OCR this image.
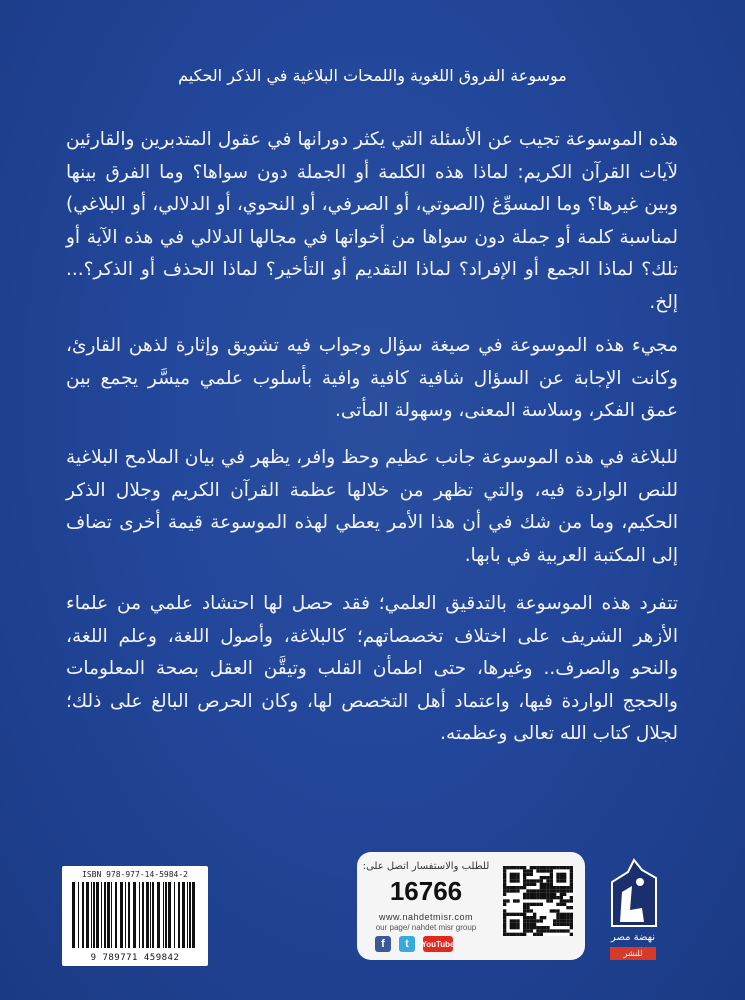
موسوعة الفروق اللغوية واللمحات البلاغية في الذكر الحكيم

هذه الموسوعة تجيب عن الأسئلة التي يكثر دورانها في عقول المتدبرين والقارئين لآيات القرآن الكريم: لماذا هذه الكلمة أو الجملة دون سواها؟ وما الفرق بينها وبين غيرها؟ وما المسوِّغ (الصوتي، أو الصرفي، أو النحوي، أو الدلالي، أو البلاغي) لمناسبة كلمة أو جملة دون سواها من أخواتها في مجالها الدلالي في هذه الآية أو تلك؟ لماذا الجمع أو الإفراد؟ لماذا التقديم أو التأخير؟ لماذا الحذف أو الذكر؟... إلخ.

مجيء هذه الموسوعة في صيغة سؤال وجواب فيه تشويق وإثارة لذهن القارئ، وكانت الإجابة عن السؤال شافية كافية وافية بأسلوب علمي ميسَّر يجمع بين عمق الفكر، وسلاسة المعنى، وسهولة المأتى.

للبلاغة في هذه الموسوعة جانب عظيم وحظ وافر، يظهر في بيان الملامح البلاغية للنص الواردة فيه، والتي تظهر من خلالها عظمة القرآن الكريم وجلال الذكر الحكيم، وما من شك في أن هذا الأمر يعطي لهذه الموسوعة قيمة أخرى تضاف إلى المكتبة العربية في بابها.

تتفرد هذه الموسوعة بالتدقيق العلمي؛ فقد حصل لها احتشاد علمي من علماء الأزهر الشريف على اختلاف تخصصاتهم؛ كالبلاغة، وأصول اللغة، وعلم اللغة، والنحو والصرف.. وغيرها، حتى اطمأن القلب وتيقَّن العقل بصحة المعلومات والحجج الواردة فيها، واعتماد أهل التخصص لها، وكان الحرص البالغ على ذلك؛ لجلال كتاب الله تعالى وعظمته.

ISBN 978-977-14-5984-2
9 789771 459842
للطلب والاستفسار اتصل على:
16766
www.nahdetmisr.com
our page/ nahdet misr group
f	t	YouTube
نهضة مصر
للنشر
